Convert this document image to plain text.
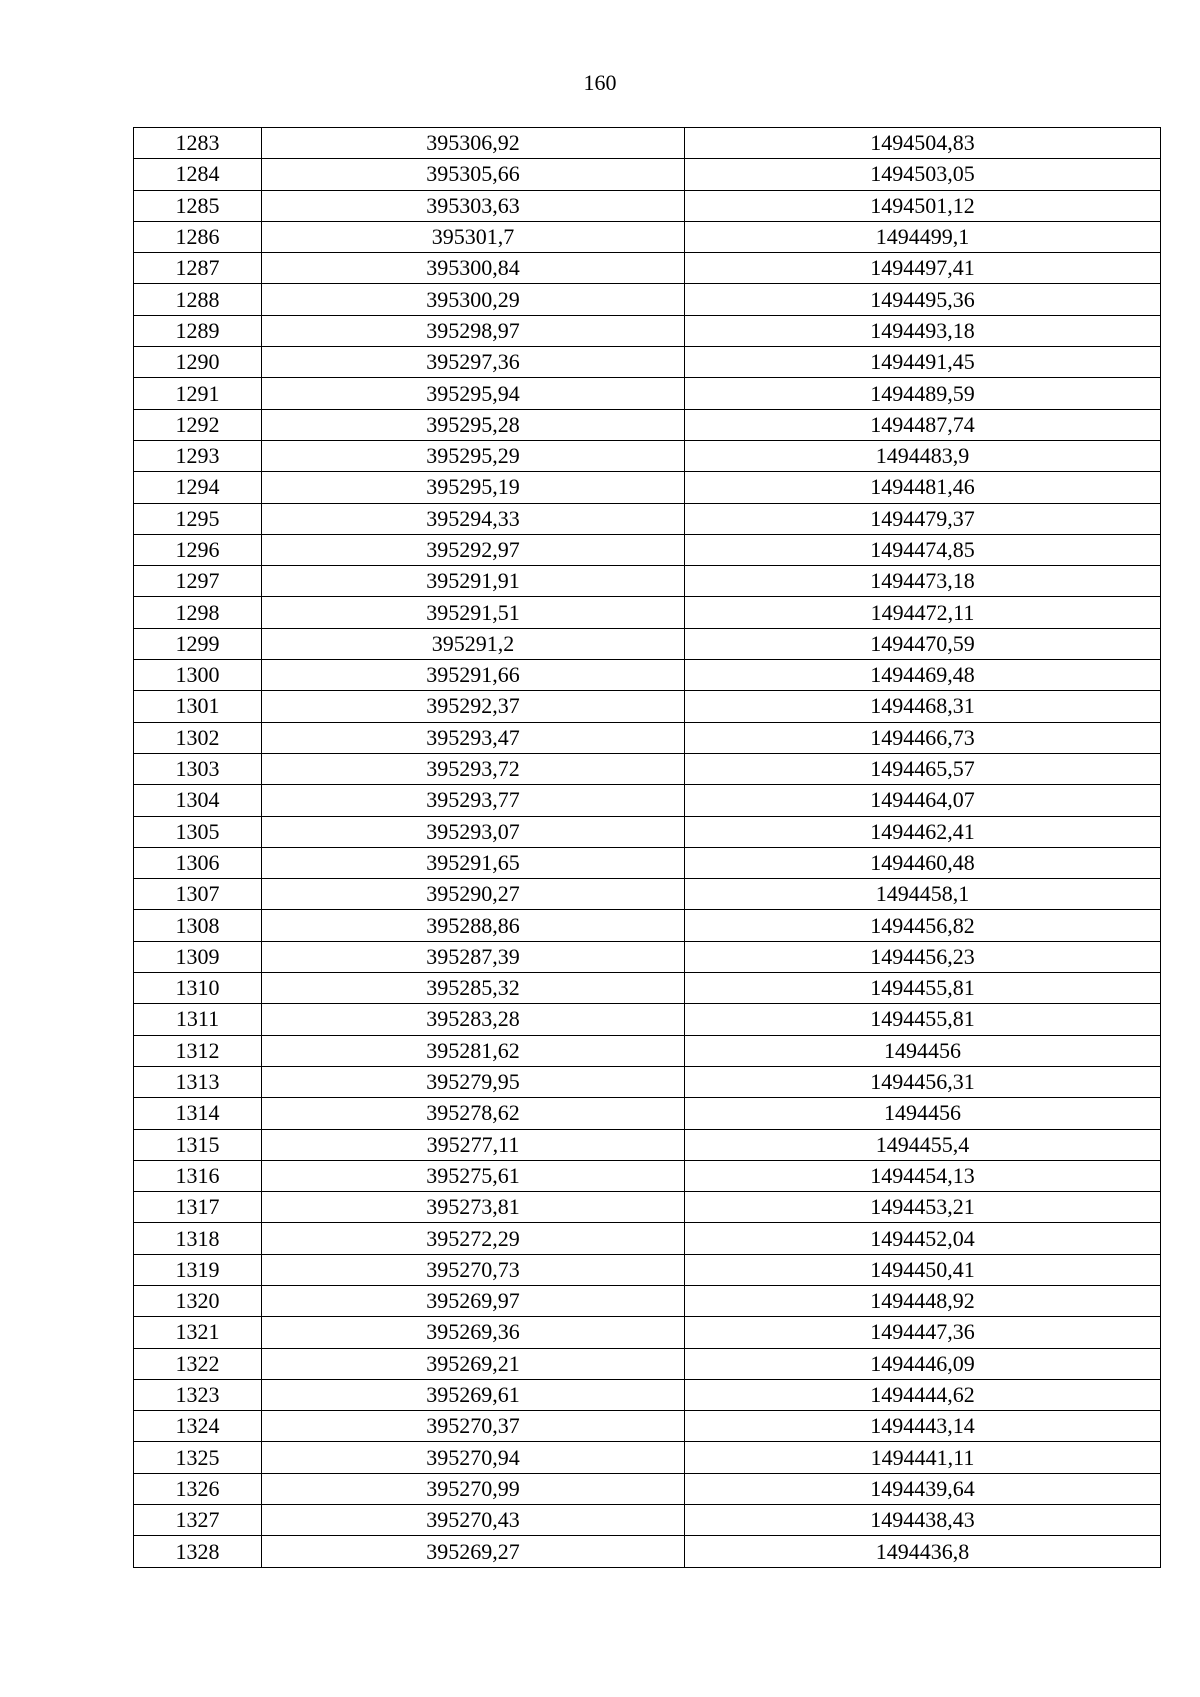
160
1283	395306,92	1494504,83
1284	395305,66	1494503,05
1285	395303,63	1494501,12
1286	395301,7	1494499,1
1287	395300,84	1494497,41
1288	395300,29	1494495,36
1289	395298,97	1494493,18
1290	395297,36	1494491,45
1291	395295,94	1494489,59
1292	395295,28	1494487,74
1293	395295,29	1494483,9
1294	395295,19	1494481,46
1295	395294,33	1494479,37
1296	395292,97	1494474,85
1297	395291,91	1494473,18
1298	395291,51	1494472,11
1299	395291,2	1494470,59
1300	395291,66	1494469,48
1301	395292,37	1494468,31
1302	395293,47	1494466,73
1303	395293,72	1494465,57
1304	395293,77	1494464,07
1305	395293,07	1494462,41
1306	395291,65	1494460,48
1307	395290,27	1494458,1
1308	395288,86	1494456,82
1309	395287,39	1494456,23
1310	395285,32	1494455,81
1311	395283,28	1494455,81
1312	395281,62	1494456
1313	395279,95	1494456,31
1314	395278,62	1494456
1315	395277,11	1494455,4
1316	395275,61	1494454,13
1317	395273,81	1494453,21
1318	395272,29	1494452,04
1319	395270,73	1494450,41
1320	395269,97	1494448,92
1321	395269,36	1494447,36
1322	395269,21	1494446,09
1323	395269,61	1494444,62
1324	395270,37	1494443,14
1325	395270,94	1494441,11
1326	395270,99	1494439,64
1327	395270,43	1494438,43
1328	395269,27	1494436,8
